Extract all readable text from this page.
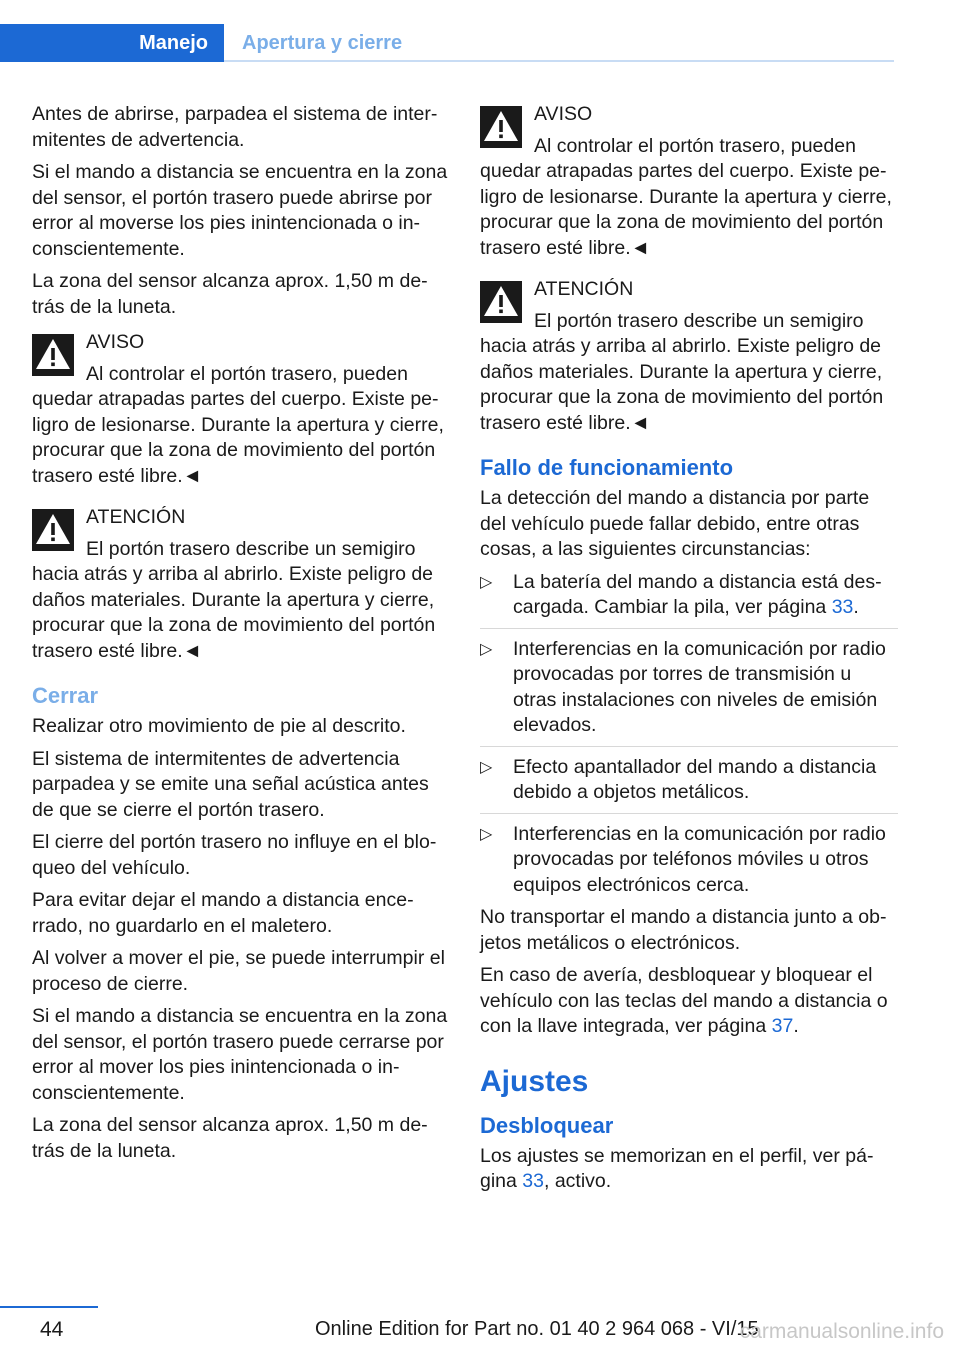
Manejo	Apertura y cierre

Antes de abrirse, parpadea el sistema de intermitentes de advertencia.

Si el mando a distancia se encuentra en la zona del sensor, el portón trasero puede abrirse por error al moverse los pies inintencionada o inconscientemente.

La zona del sensor alcanza aprox. 1,50 m detrás de la luneta.

AVISO
Al controlar el portón trasero, pueden quedar atrapadas partes del cuerpo. Existe peligro de lesionarse. Durante la apertura y cierre, procurar que la zona de movimiento del portón trasero esté libre.◄
ATENCIÓN
El portón trasero describe un semigiro hacia atrás y arriba al abrirlo. Existe peligro de daños materiales. Durante la apertura y cierre, procurar que la zona de movimiento del portón trasero esté libre.◄
Cerrar

Realizar otro movimiento de pie al descrito.

El sistema de intermitentes de advertencia parpadea y se emite una señal acústica antes de que se cierre el portón trasero.

El cierre del portón trasero no influye en el bloqueo del vehículo.

Para evitar dejar el mando a distancia encerrado, no guardarlo en el maletero.

Al volver a mover el pie, se puede interrumpir el proceso de cierre.

Si el mando a distancia se encuentra en la zona del sensor, el portón trasero puede cerrarse por error al mover los pies inintencionada o inconscientemente.

La zona del sensor alcanza aprox. 1,50 m detrás de la luneta.

AVISO
Al controlar el portón trasero, pueden quedar atrapadas partes del cuerpo. Existe peligro de lesionarse. Durante la apertura y cierre, procurar que la zona de movimiento del portón trasero esté libre.◄
ATENCIÓN
El portón trasero describe un semigiro hacia atrás y arriba al abrirlo. Existe peligro de daños materiales. Durante la apertura y cierre, procurar que la zona de movimiento del portón trasero esté libre.◄
Fallo de funcionamiento

La detección del mando a distancia por parte del vehículo puede fallar debido, entre otras cosas, a las siguientes circunstancias:

▷ La batería del mando a distancia está descargada. Cambiar la pila, ver página 33.
▷ Interferencias en la comunicación por radio provocadas por torres de transmisión u otras instalaciones con niveles de emisión elevados.
▷ Efecto apantallador del mando a distancia debido a objetos metálicos.
▷ Interferencias en la comunicación por radio provocadas por teléfonos móviles u otros equipos electrónicos cerca.

No transportar el mando a distancia junto a objetos metálicos o electrónicos.

En caso de avería, desbloquear y bloquear el vehículo con las teclas del mando a distancia o con la llave integrada, ver página 37.

Ajustes
Desbloquear

Los ajustes se memorizan en el perfil, ver página 33, activo.

44	Online Edition for Part no. 01 40 2 964 068 - VI/15
carmanualsonline.info
